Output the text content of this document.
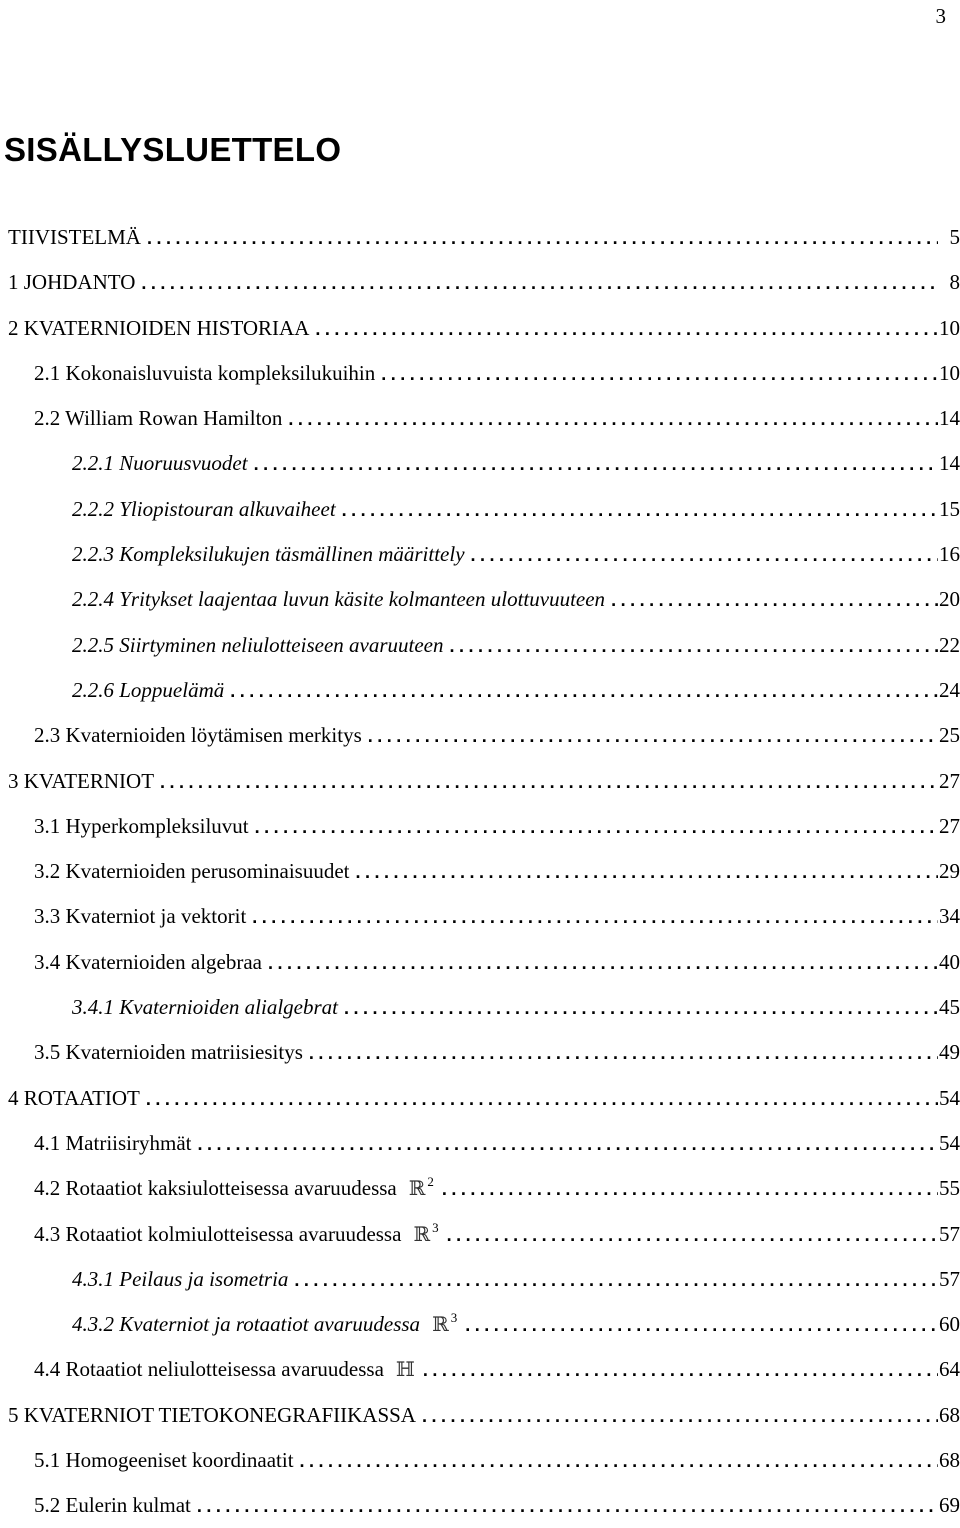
3
SISÄLLYSLUETTELO
TIIVISTELMÄ . . .	5
1 JOHDANTO . . .	8
2 KVATERNIOIDEN HISTORIAA . . .	10
2.1 Kokonaisluvuista kompleksilukuihin . . .	10
2.2 William Rowan Hamilton . . .	14
2.2.1 Nuoruusvuodet . . .	14
2.2.2 Yliopistouran alkuvaiheet . . .	15
2.2.3 Kompleksilukujen täsmällinen määrittely . . .	16
2.2.4 Yritykset laajentaa luvun käsite kolmanteen ulottuvuuteen . . .	20
2.2.5 Siirtyminen neliulotteiseen avaruuteen . . .	22
2.2.6 Loppuelämä . . .	24
2.3 Kvaternioiden löytämisen merkitys . . .	25
3 KVATERNIOT . . .	27
3.1 Hyperkompleksiluvut . . .	27
3.2 Kvaternioiden perusominaisuudet . . .	29
3.3 Kvaterniot ja vektorit . . .	34
3.4 Kvaternioiden algebraa . . .	40
3.4.1 Kvaternioiden alialgebrat . . .	45
3.5 Kvaternioiden matriisiesitys . . .	49
4 ROTAATIOT . . .	54
4.1 Matriisiryhmät . . .	54
4.2 Rotaatiot kaksiulotteisessa avaruudessa ℝ 2 . . .	55
4.3 Rotaatiot kolmiulotteisessa avaruudessa ℝ 3 . . .	57
4.3.1 Peilaus ja isometria . . .	57
4.3.2 Kvaterniot ja rotaatiot avaruudessa ℝ 3 . . .	60
4.4 Rotaatiot neliulotteisessa avaruudessa ℍ . . .	64
5 KVATERNIOT TIETOKONEGRAFIIKASSA . . .	68
5.1 Homogeeniset koordinaatit . . .	68
5.2 Eulerin kulmat . . .	69
